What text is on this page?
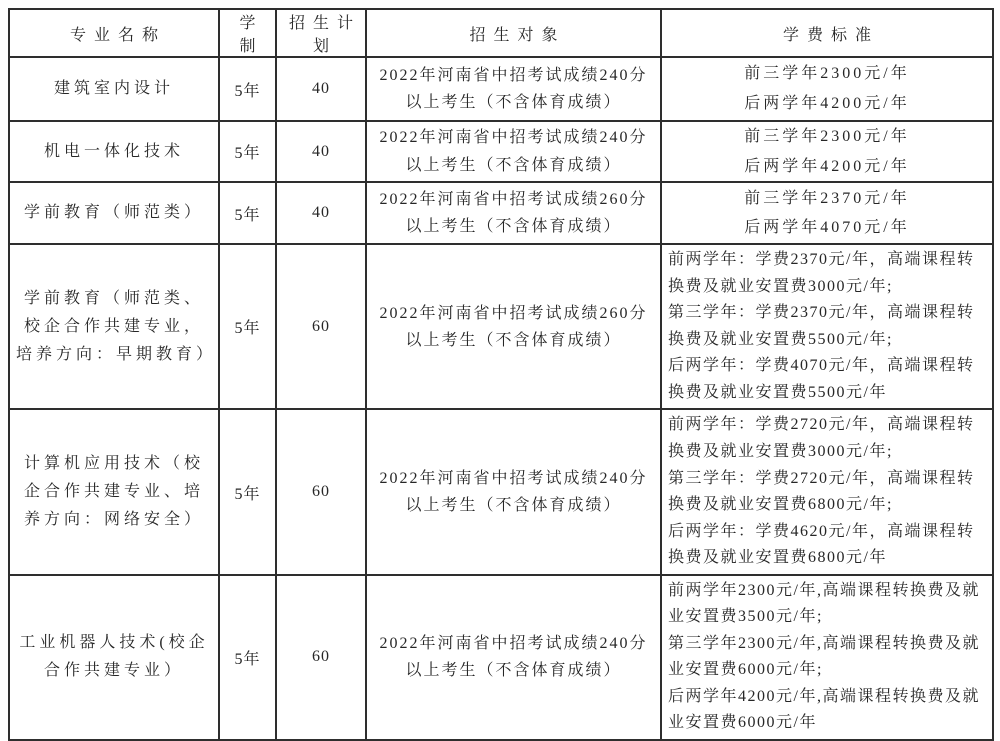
专业名称	学制	招生计划	招生对象	学费标准
建筑室内设计	5年	40	2022年河南省中招考试成绩240分以上考生（不含体育成绩）	前三学年2300元/年
后两学年4200元/年

机电一体化技术	5年	40	2022年河南省中招考试成绩240分以上考生（不含体育成绩）	前三学年2300元/年
后两学年4200元/年

学前教育（师范类）	5年	40	2022年河南省中招考试成绩260分以上考生（不含体育成绩）	前三学年2370元/年
后两学年4070元/年

学前教育（师范类、校企合作共建专业，培养方向：早期教育）	5年	60	2022年河南省中招考试成绩260分以上考生（不含体育成绩）	前两学年：学费2370元/年，高端课程转换费及就业安置费3000元/年;
第三学年：学费2370元/年，高端课程转换费及就业安置费5500元/年;
后两学年：学费4070元/年，高端课程转换费及就业安置费5500元/年

计算机应用技术（校企合作共建专业、培养方向：网络安全）	5年	60	2022年河南省中招考试成绩240分以上考生（不含体育成绩）	前两学年：学费2720元/年，高端课程转换费及就业安置费3000元/年;
第三学年：学费2720元/年，高端课程转换费及就业安置费6800元/年;
后两学年：学费4620元/年，高端课程转换费及就业安置费6800元/年

工业机器人技术(校企合作共建专业）	5年	60	2022年河南省中招考试成绩240分以上考生（不含体育成绩）	前两学年2300元/年,高端课程转换费及就业安置费3500元/年;
第三学年2300元/年,高端课程转换费及就业安置费6000元/年;
后两学年4200元/年,高端课程转换费及就业安置费6000元/年
